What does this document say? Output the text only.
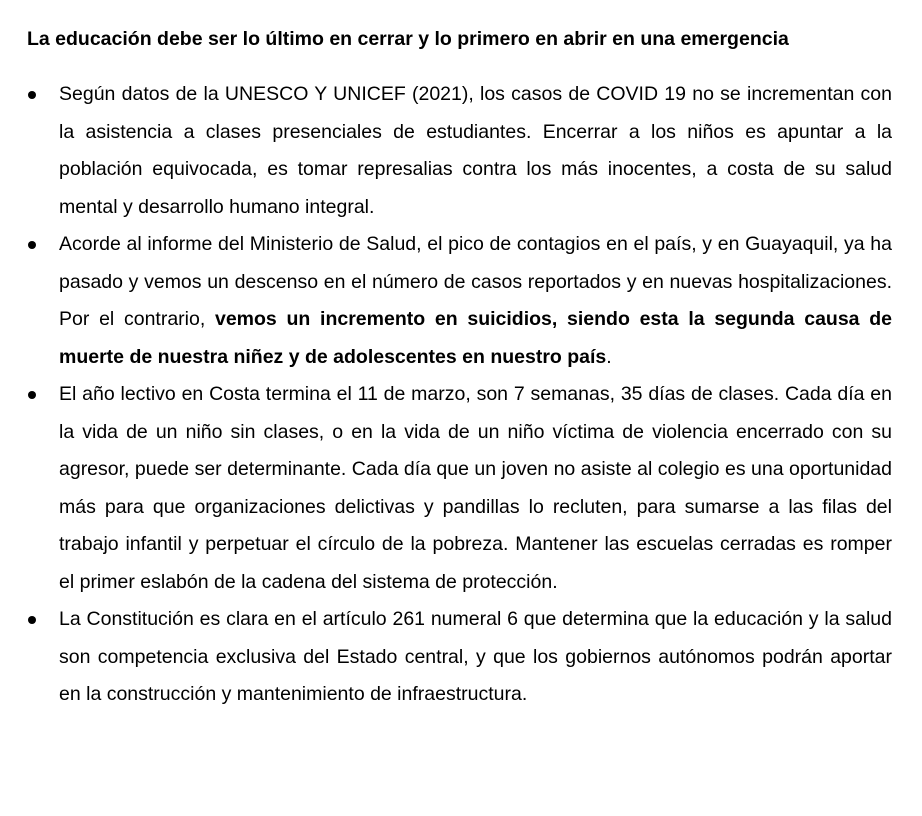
La educación debe ser lo último en cerrar y lo primero en abrir en una emergencia
Según datos de la UNESCO Y UNICEF (2021), los casos de COVID 19 no se incrementan con la asistencia a clases presenciales de estudiantes. Encerrar a los niños es apuntar a la población equivocada, es tomar represalias contra los más inocentes, a costa de su salud mental y desarrollo humano integral.
Acorde al informe del Ministerio de Salud, el pico de contagios en el país, y en Guayaquil, ya ha pasado y vemos un descenso en el número de casos reportados y en nuevas hospitalizaciones. Por el contrario, vemos un incremento en suicidios, siendo esta la segunda causa de muerte de nuestra niñez y de adolescentes en nuestro país.
El año lectivo en Costa termina el 11 de marzo, son 7 semanas, 35 días de clases. Cada día en la vida de un niño sin clases, o en la vida de un niño víctima de violencia encerrado con su agresor, puede ser determinante. Cada día que un joven no asiste al colegio es una oportunidad más para que organizaciones delictivas y pandillas lo recluten, para sumarse a las filas del trabajo infantil y perpetuar el círculo de la pobreza. Mantener las escuelas cerradas es romper el primer eslabón de la cadena del sistema de protección.
La Constitución es clara en el artículo 261 numeral 6 que determina que la educación y la salud son competencia exclusiva del Estado central, y que los gobiernos autónomos podrán aportar en la construcción y mantenimiento de infraestructura.
